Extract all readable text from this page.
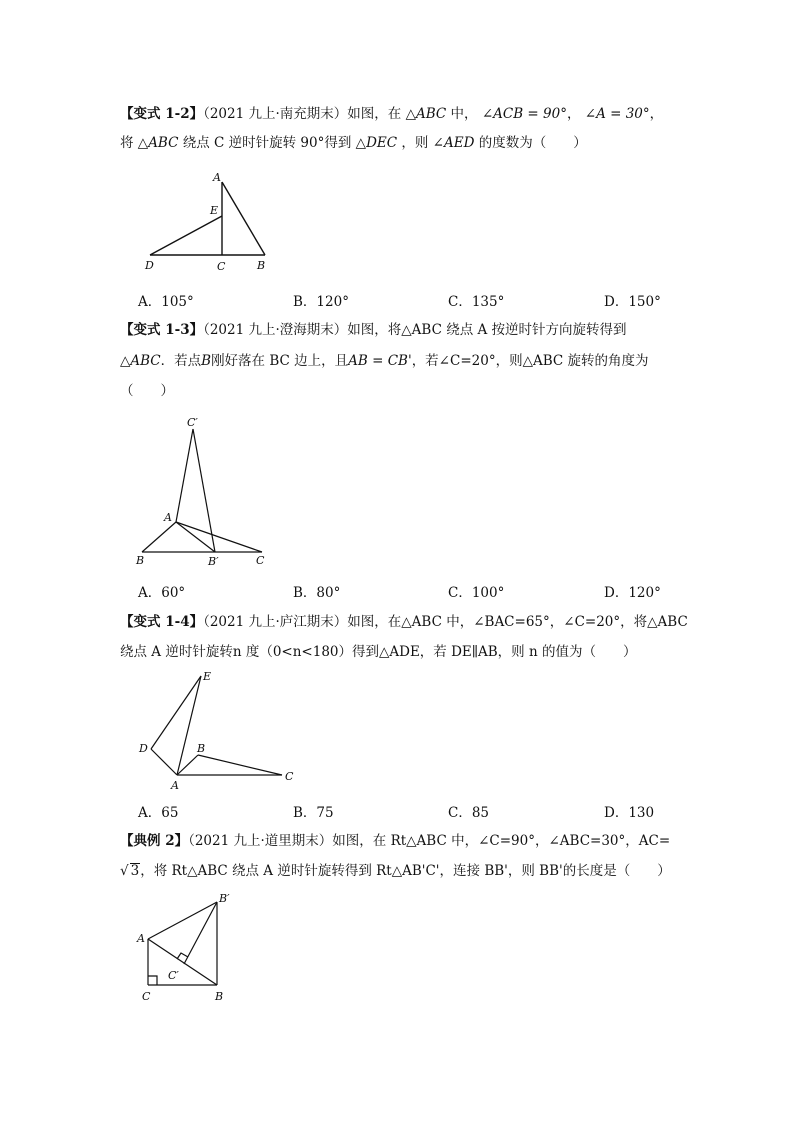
【变式 1-2】（2021 九上·南充期末）如图，在 △ABC 中， ∠ACB = 90°， ∠A = 30°，
将 △ABC 绕点 C 逆时针旋转 90°得到 △DEC ，则 ∠AED 的度数为（　　）
A
E
D	C	B
A．105°	B．120°	C．135°	D．150°
【变式 1-3】（2021 九上·澄海期末）如图，将△ABC 绕点 A 按逆时针方向旋转得到
△ABC．若点B刚好落在 BC 边上，且AB = CB'，若∠C=20°，则△ABC 旋转的角度为
（　　）
C′
A
B	B′	C
A．60°	B．80°	C．100°	D．120°
【变式 1-4】（2021 九上·庐江期末）如图，在△ABC 中，∠BAC=65°，∠C=20°，将△ABC
绕点 A 逆时针旋转n 度（0<n<180）得到△ADE，若 DE∥AB，则 n 的值为（　　）
E
D	B
A
C
A．65	B．75	C．85	D．130
【典例 2】（2021 九上·道里期末）如图，在 Rt△ABC 中，∠C=90°，∠ABC=30°，AC=
√ 3，将 Rt△ABC 绕点 A 逆时针旋转得到 Rt△AB'C'，连接 BB'，则 BB'的长度是（　　）
B′
A
C′
C	B
